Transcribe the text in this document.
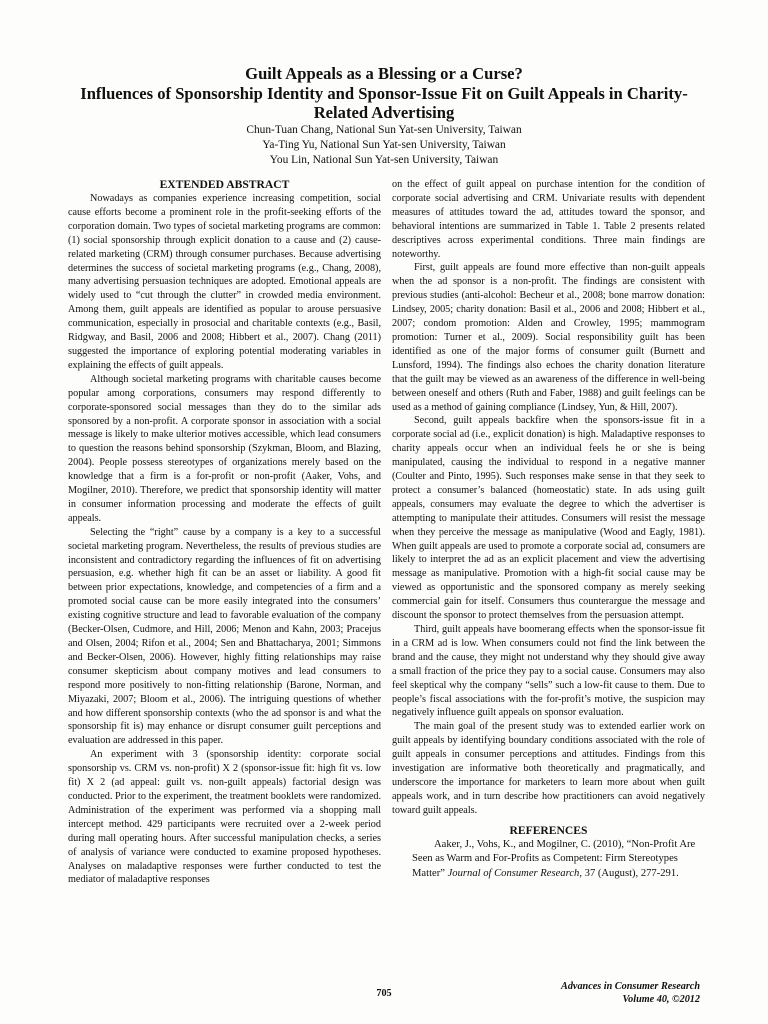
Guilt Appeals as a Blessing or a Curse?

Influences of Sponsorship Identity and Sponsor-Issue Fit on Guilt Appeals in Charity-

Related Advertising

Chun-Tuan Chang, National Sun Yat-sen University, Taiwan

Ya-Ting Yu, National Sun Yat-sen University, Taiwan

You Lin, National Sun Yat-sen University, Taiwan

EXTENDED ABSTRACT

Nowadays as companies experience increasing competition, social cause efforts become a prominent role in the profit-seeking efforts of the corporation domain. Two types of societal marketing programs are common: (1) social sponsorship through explicit donation to a cause and (2) cause-related marketing (CRM) through consumer purchases. Because advertising determines the success of societal marketing programs (e.g., Chang, 2008), many advertising persuasion techniques are adopted. Emotional appeals are widely used to “cut through the clutter” in crowded media environment. Among them, guilt appeals are identified as popular to arouse persuasive communication, especially in prosocial and charitable contexts (e.g., Basil, Ridgway, and Basil, 2006 and 2008; Hibbert et al., 2007). Chang (2011) suggested the importance of exploring potential moderating variables in explaining the effects of guilt appeals.

Although societal marketing programs with charitable causes become popular among corporations, consumers may respond differently to corporate-sponsored social messages than they do to the similar ads sponsored by a non-profit. A corporate sponsor in association with a social message is likely to make ulterior motives accessible, which lead consumers to question the reasons behind sponsorship (Szykman, Bloom, and Blazing, 2004). People possess stereotypes of organizations merely based on the knowledge that a firm is a for-profit or non-profit (Aaker, Vohs, and Mogilner, 2010). Therefore, we predict that sponsorship identity will matter in consumer information processing and moderate the effects of guilt appeals.

Selecting the “right” cause by a company is a key to a successful societal marketing program. Nevertheless, the results of previous studies are inconsistent and contradictory regarding the influences of fit on advertising persuasion, e.g. whether high fit can be an asset or liability. A good fit between prior expectations, knowledge, and competencies of a firm and a promoted social cause can be more easily integrated into the consumers’ existing cognitive structure and lead to favorable evaluation of the company (Becker-Olsen, Cudmore, and Hill, 2006; Menon and Kahn, 2003; Pracejus and Olsen, 2004; Rifon et al., 2004; Sen and Bhattacharya, 2001; Simmons and Becker-Olsen, 2006). However, highly fitting relationships may raise consumer skepticism about company motives and lead consumers to respond more positively to non-fitting relationship (Barone, Norman, and Miyazaki, 2007; Bloom et al., 2006). The intriguing questions of whether and how different sponsorship contexts (who the ad sponsor is and what the sponsorship fit is) may enhance or disrupt consumer guilt perceptions and evaluation are addressed in this paper.

An experiment with 3 (sponsorship identity: corporate social sponsorship vs. CRM vs. non-profit) X 2 (sponsor-issue fit: high fit vs. low fit) X 2 (ad appeal: guilt vs. non-guilt appeals) factorial design was conducted. Prior to the experiment, the treatment booklets were randomized. Administration of the experiment was performed via a shopping mall intercept method. 429 participants were recruited over a 2-week period during mall operating hours. After successful manipulation checks, a series of analysis of variance were conducted to examine proposed hypotheses. Analyses on maladaptive responses were further conducted to test the mediator of maladaptive responses

on the effect of guilt appeal on purchase intention for the condition of corporate social advertising and CRM. Univariate results with dependent measures of attitudes toward the ad, attitudes toward the sponsor, and behavioral intentions are summarized in Table 1. Table 2 presents related descriptives across experimental conditions. Three main findings are noteworthy.

First, guilt appeals are found more effective than non-guilt appeals when the ad sponsor is a non-profit. The findings are consistent with previous studies (anti-alcohol: Becheur et al., 2008; bone marrow donation: Lindsey, 2005; charity donation: Basil et al., 2006 and 2008; Hibbert et al., 2007; condom promotion: Alden and Crowley, 1995; mammogram promotion: Turner et al., 2009). Social responsibility guilt has been identified as one of the major forms of consumer guilt (Burnett and Lunsford, 1994). The findings also echoes the charity donation literature that the guilt may be viewed as an awareness of the difference in well-being between oneself and others (Ruth and Faber, 1988) and guilt feelings can be used as a method of gaining compliance (Lindsey, Yun, & Hill, 2007).

Second, guilt appeals backfire when the sponsors-issue fit in a corporate social ad (i.e., explicit donation) is high. Maladaptive responses to charity appeals occur when an individual feels he or she is being manipulated, causing the individual to respond in a negative manner (Coulter and Pinto, 1995). Such responses make sense in that they seek to protect a consumer’s balanced (homeostatic) state. In ads using guilt appeals, consumers may evaluate the degree to which the advertiser is attempting to manipulate their attitudes. Consumers will resist the message when they perceive the message as manipulative (Wood and Eagly, 1981). When guilt appeals are used to promote a corporate social ad, consumers are likely to interpret the ad as an explicit placement and view the advertising message as manipulative. Promotion with a high-fit social cause may be viewed as opportunistic and the sponsored company as merely seeking commercial gain for itself. Consumers thus counterargue the message and discount the sponsor to protect themselves from the persuasion attempt.

Third, guilt appeals have boomerang effects when the sponsor-issue fit in a CRM ad is low. When consumers could not find the link between the brand and the cause, they might not understand why they should give away a small fraction of the price they pay to a social cause. Consumers may also feel skeptical why the company “sells” such a low-fit cause to them. Due to people’s fiscal associations with the for-profit’s motive, the suspicion may negatively influence guilt appeals on sponsor evaluation.

The main goal of the present study was to extended earlier work on guilt appeals by identifying boundary conditions associated with the role of guilt appeals in consumer perceptions and attitudes. Findings from this investigation are informative both theoretically and pragmatically, and underscore the importance for marketers to learn more about when guilt appeals work, and in turn describe how practitioners can avoid negatively toward guilt appeals.

REFERENCES

Aaker, J., Vohs, K., and Mogilner, C. (2010), “Non-Profit Are Seen as Warm and For-Profits as Competent: Firm Stereotypes Matter” Journal of Consumer Research, 37 (August), 277-291.

705
Advances in Consumer Research
Volume 40, ©2012
